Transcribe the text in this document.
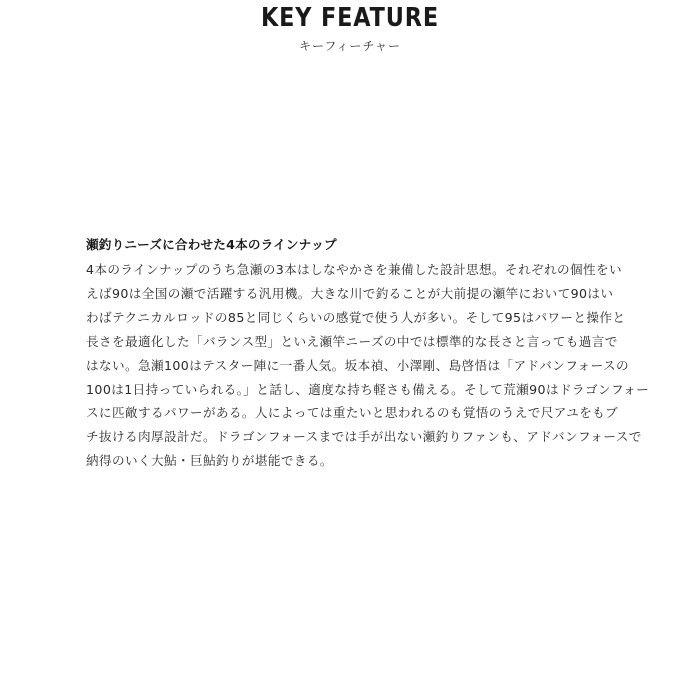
KEY FEATURE
キーフィーチャー
瀬釣りニーズに合わせた4本のラインナップ

4本のラインナップのうち急瀬の3本はしなやかさを兼備した設計思想。それぞれの個性をい
えば90は全国の瀬で活躍する汎用機。大きな川で釣ることが大前提の瀬竿において90はい
わばテクニカルロッドの85と同じくらいの感覚で使う人が多い。そして95はパワーと操作と
長さを最適化した「バランス型」といえ瀬竿ニーズの中では標準的な長さと言っても過言で
はない。急瀬100はテスター陣に一番人気。坂本禎、小澤剛、島啓悟は「アドバンフォースの
100は1日持っていられる。」と話し、適度な持ち軽さも備える。そして荒瀬90はドラゴンフォー
スに匹敵するパワーがある。人によっては重たいと思われるのも覚悟のうえで尺アユをもブ
チ抜ける肉厚設計だ。ドラゴンフォースまでは手が出ない瀬釣りファンも、アドバンフォースで
納得のいく大鮎・巨鮎釣りが堪能できる。
